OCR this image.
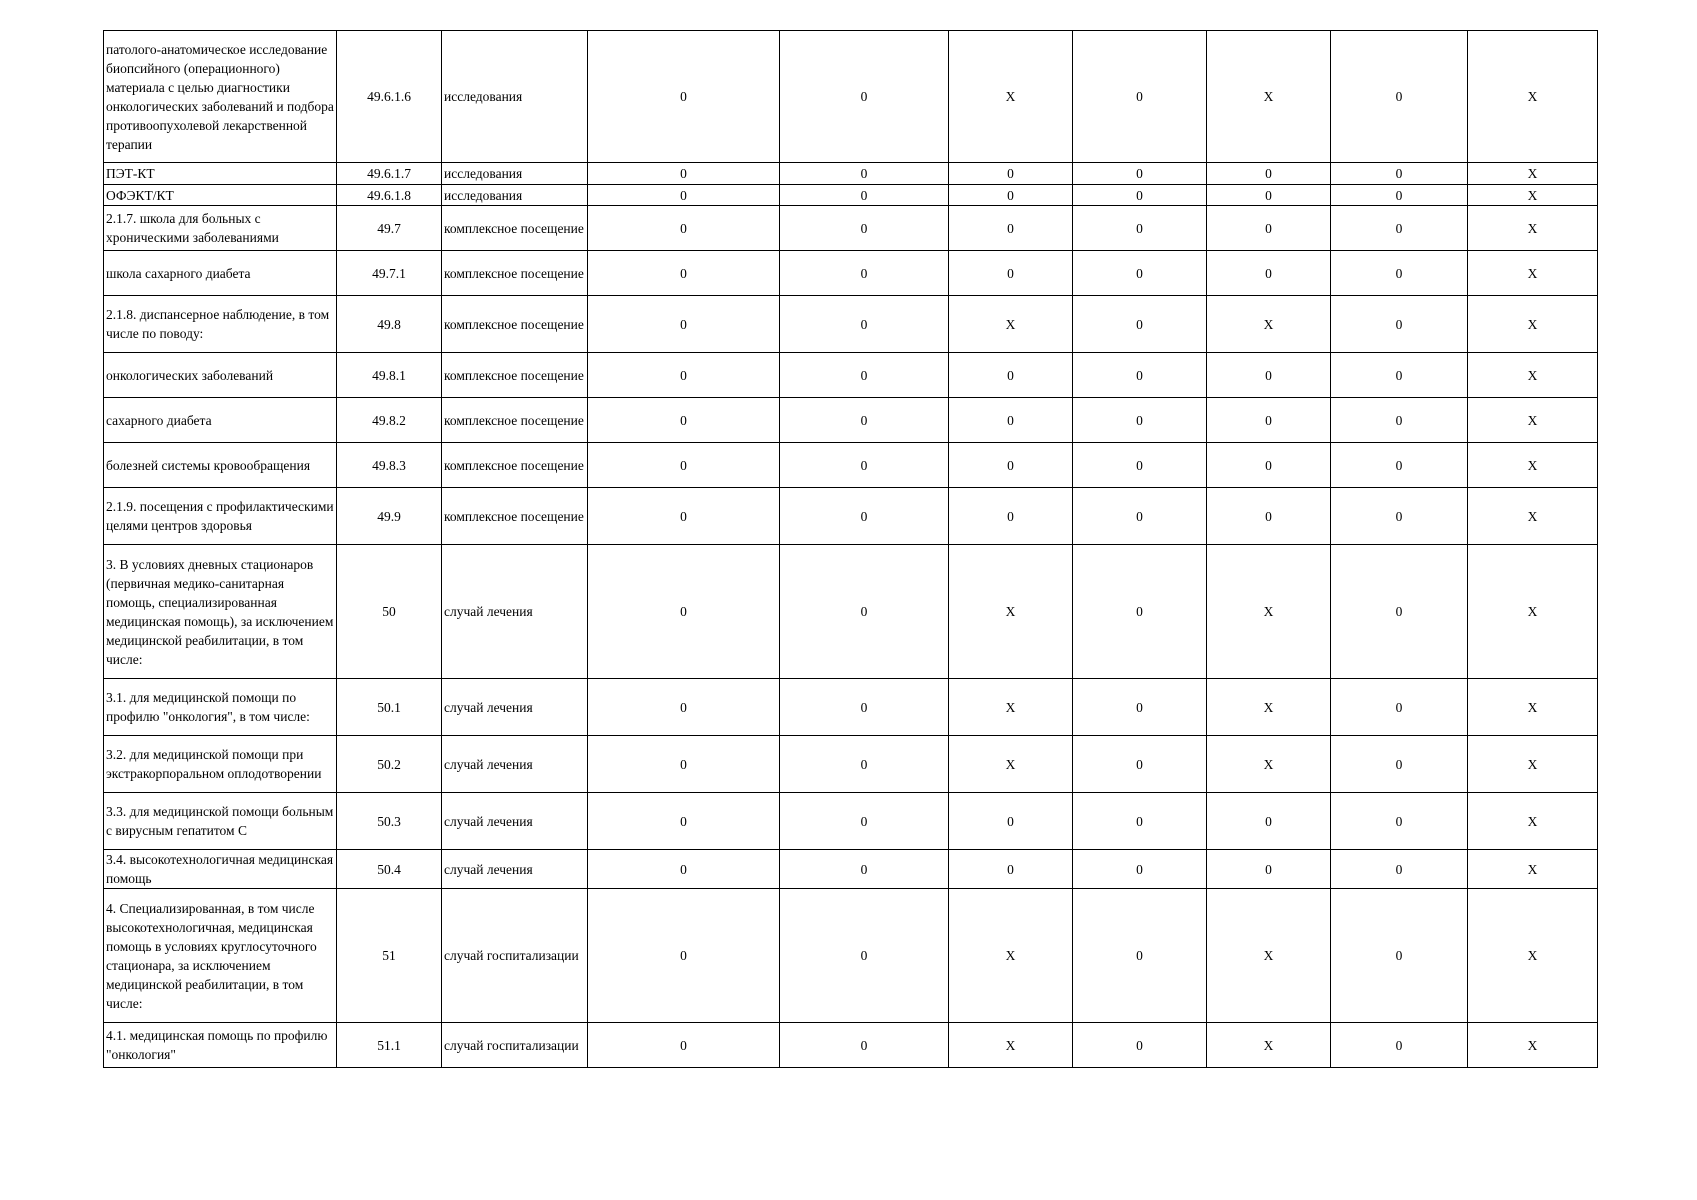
патолого-анатомическое исследование биопсийного (операционного) материала с целью диагностики онкологических заболеваний и подбора противоопухолевой лекарственной терапии	49.6.1.6	исследования	0	0	Х	0	Х	0	Х
ПЭТ-КТ	49.6.1.7	исследования	0	0	0	0	0	0	Х
ОФЭКТ/КТ	49.6.1.8	исследования	0	0	0	0	0	0	Х
2.1.7. школа для больных с хроническими заболеваниями	49.7	комплексное посещение	0	0	0	0	0	0	Х
школа сахарного диабета	49.7.1	комплексное посещение	0	0	0	0	0	0	Х
2.1.8. диспансерное наблюдение, в том числе по поводу:	49.8	комплексное посещение	0	0	Х	0	Х	0	Х
онкологических заболеваний	49.8.1	комплексное посещение	0	0	0	0	0	0	Х
сахарного диабета	49.8.2	комплексное посещение	0	0	0	0	0	0	Х
болезней системы кровообращения	49.8.3	комплексное посещение	0	0	0	0	0	0	Х
2.1.9. посещения с профилактическими целями центров здоровья	49.9	комплексное посещение	0	0	0	0	0	0	Х
3. В условиях дневных стационаров (первичная медико-санитарная помощь, специализированная медицинская помощь), за исключением медицинской реабилитации, в том числе:	50	случай лечения	0	0	Х	0	Х	0	Х
3.1. для медицинской помощи по профилю "онкология", в том числе:	50.1	случай лечения	0	0	Х	0	Х	0	Х
3.2. для медицинской помощи при экстракорпоральном оплодотворении	50.2	случай лечения	0	0	Х	0	Х	0	Х
3.3. для медицинской помощи больным с вирусным гепатитом С	50.3	случай лечения	0	0	0	0	0	0	Х
3.4. высокотехнологичная медицинская помощь	50.4	случай лечения	0	0	0	0	0	0	Х
4. Специализированная, в том числе высокотехнологичная, медицинская помощь в условиях круглосуточного стационара, за исключением медицинской реабилитации, в том числе:	51	случай госпитализации	0	0	Х	0	Х	0	Х
4.1. медицинская помощь по профилю "онкология"	51.1	случай госпитализации	0	0	Х	0	Х	0	Х
